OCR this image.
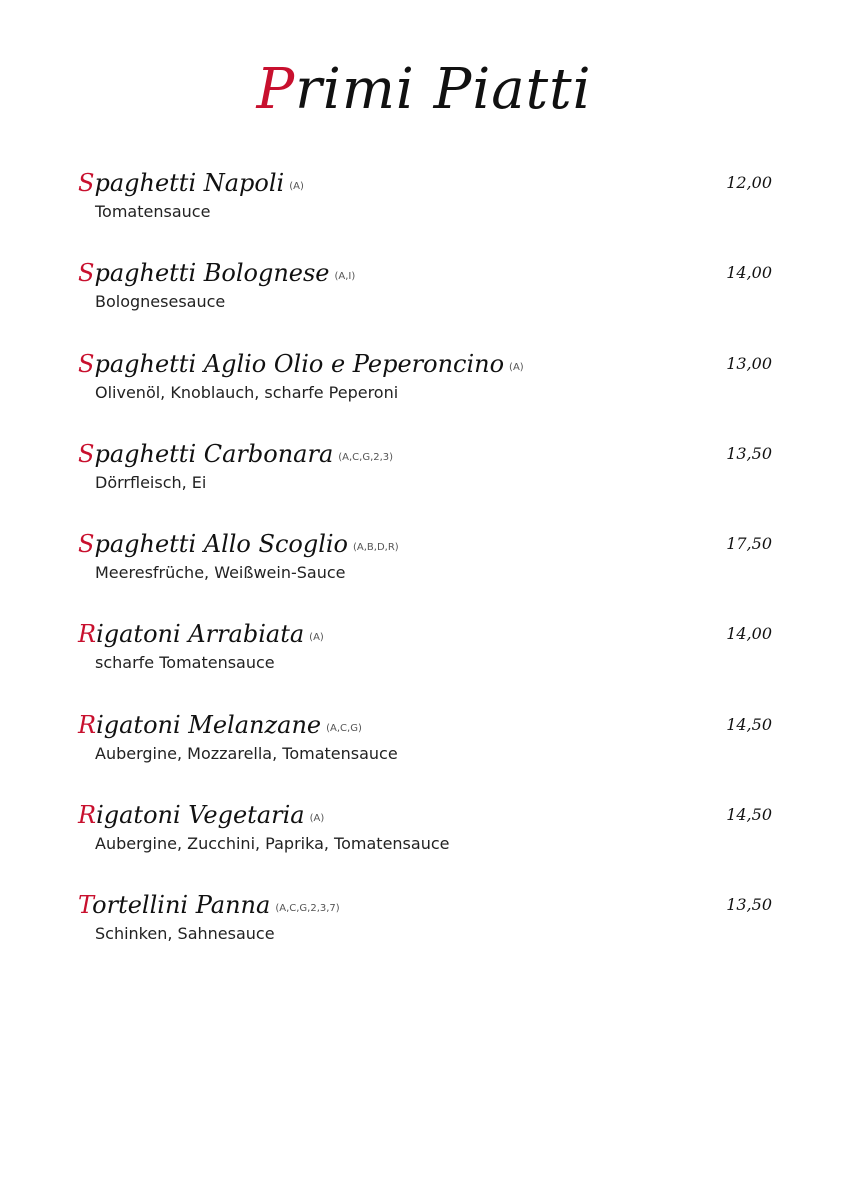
Primi Piatti
Spaghetti Napoli (A)
Tomatensauce
12,00
Spaghetti Bolognese (A,I)
Bolognesesauce
14,00
Spaghetti Aglio Olio e Peperoncino (A)
Olivenöl, Knoblauch, scharfe Peperoni
13,00
Spaghetti Carbonara (A,C,G,2,3)
Dörrfleisch, Ei
13,50
Spaghetti Allo Scoglio (A,B,D,R)
Meeresfrüche, Weißwein-Sauce
17,50
Rigatoni Arrabiata (A)
scharfe Tomatensauce
14,00
Rigatoni Melanzane (A,C,G)
Aubergine, Mozzarella, Tomatensauce
14,50
Rigatoni Vegetaria (A)
Aubergine, Zucchini, Paprika, Tomatensauce
14,50
Tortellini Panna (A,C,G,2,3,7)
Schinken, Sahnesauce
13,50
